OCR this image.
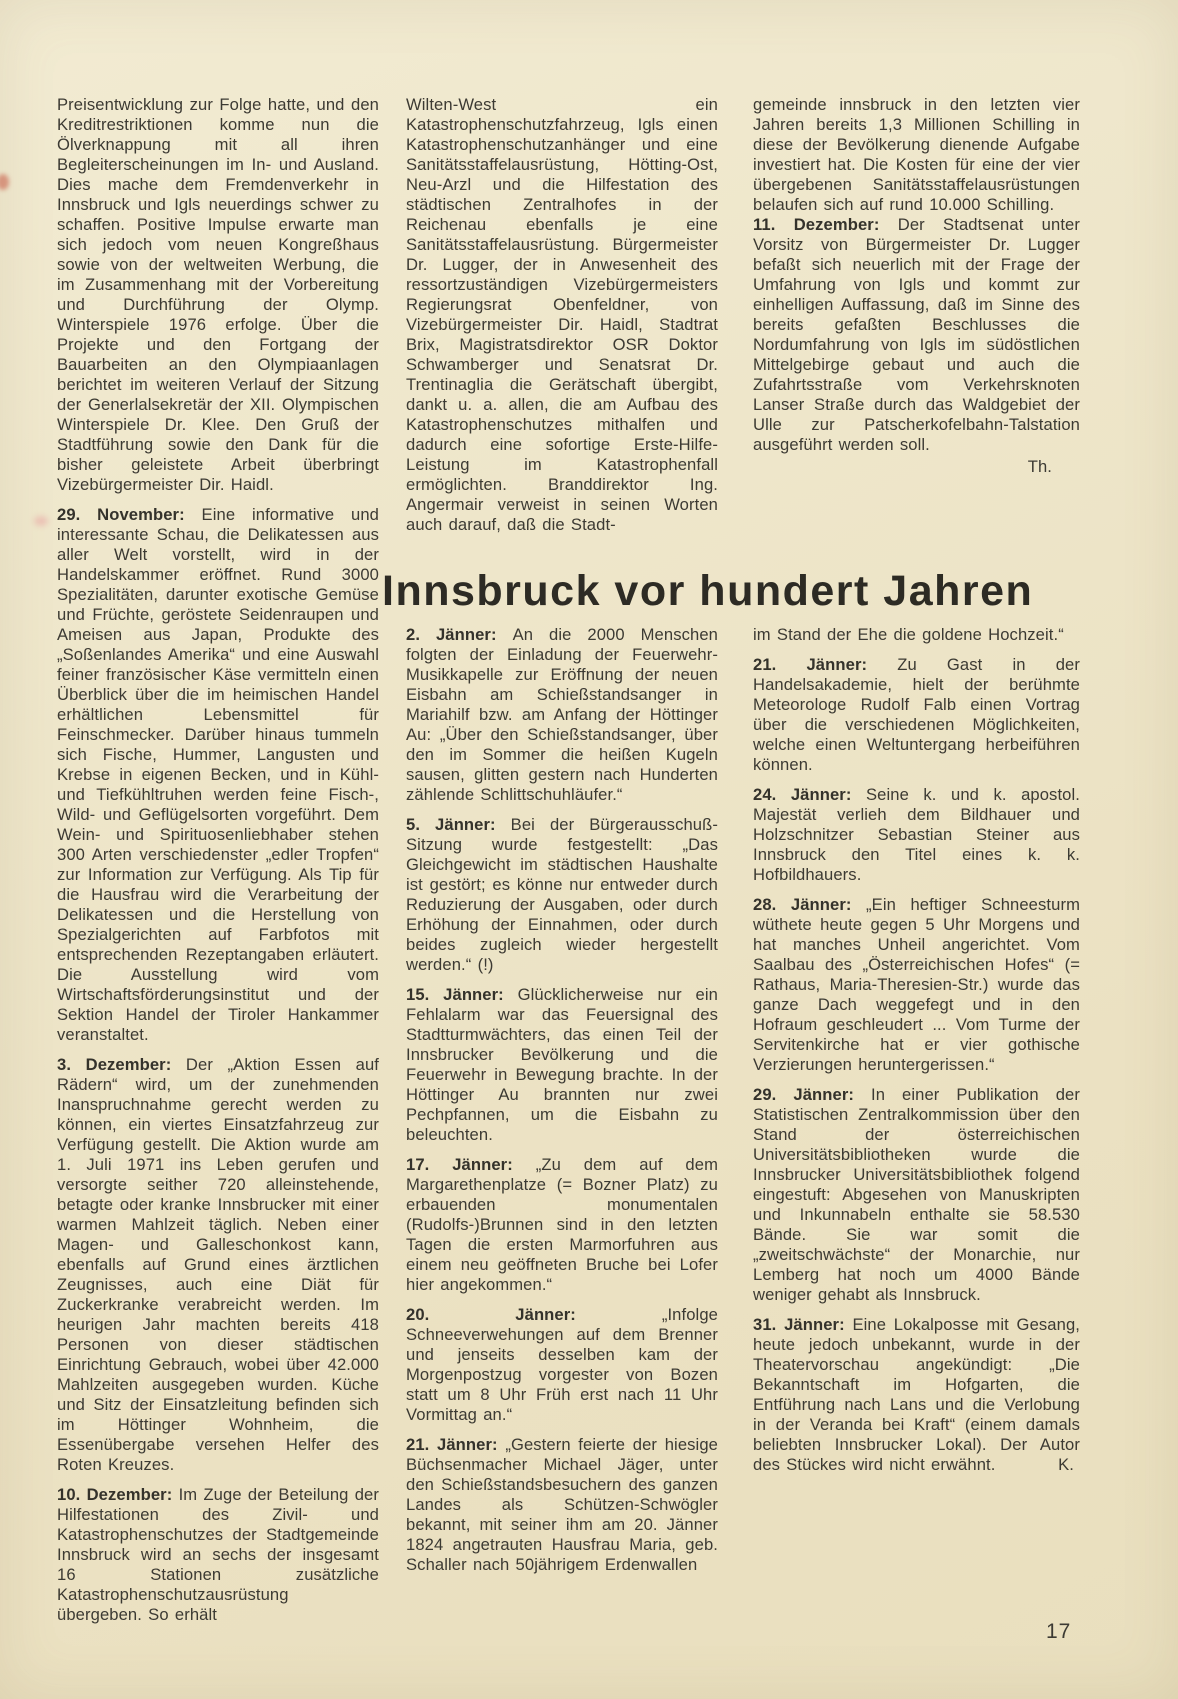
Preisentwicklung zur Folge hatte, und den Kreditrestriktionen komme nun die Ölverknappung mit all ihren Begleiterscheinungen im In- und Ausland. Dies mache dem Fremdenverkehr in Innsbruck und Igls neuerdings schwer zu schaffen. Positive Impulse erwarte man sich jedoch vom neuen Kongreßhaus sowie von der weltweiten Werbung, die im Zusammenhang mit der Vorbereitung und Durchführung der Olymp. Winterspiele 1976 erfolge. Über die Projekte und den Fortgang der Bauarbeiten an den Olympiaanlagen berichtet im weiteren Verlauf der Sitzung der Generlalsekretär der XII. Olympischen Winterspiele Dr. Klee. Den Gruß der Stadtführung sowie den Dank für die bisher geleistete Arbeit überbringt Vizebürgermeister Dir. Haidl.

29. November: Eine informative und interessante Schau, die Delikatessen aus aller Welt vorstellt, wird in der Handelskammer eröffnet. Rund 3000 Spezialitäten, darunter exotische Gemüse und Früchte, geröstete Seidenraupen und Ameisen aus Japan, Produkte des „Soßenlandes Amerika“ und eine Auswahl feiner französischer Käse vermitteln einen Überblick über die im heimischen Handel erhältlichen Lebensmittel für Feinschmecker. Darüber hinaus tummeln sich Fische, Hummer, Langusten und Krebse in eigenen Becken, und in Kühl- und Tiefkühltruhen werden feine Fisch-, Wild- und Geflügelsorten vorgeführt. Dem Wein- und Spirituosenliebhaber stehen 300 Arten verschiedenster „edler Tropfen“ zur Information zur Verfügung. Als Tip für die Hausfrau wird die Verarbeitung der Delikatessen und die Herstellung von Spezialgerichten auf Farbfotos mit entsprechenden Rezeptangaben erläutert. Die Ausstellung wird vom Wirtschaftsförderungsinstitut und der Sektion Handel der Tiroler Hankammer veranstaltet.

3. Dezember: Der „Aktion Essen auf Rädern“ wird, um der zunehmenden Inanspruchnahme gerecht werden zu können, ein viertes Einsatzfahrzeug zur Verfügung gestellt. Die Aktion wurde am 1. Juli 1971 ins Leben gerufen und versorgte seither 720 alleinstehende, betagte oder kranke Innsbrucker mit einer warmen Mahlzeit täglich. Neben einer Magen- und Galleschonkost kann, ebenfalls auf Grund eines ärztlichen Zeugnisses, auch eine Diät für Zuckerkranke verabreicht werden. Im heurigen Jahr machten bereits 418 Personen von dieser städtischen Einrichtung Gebrauch, wobei über 42.000 Mahlzeiten ausgegeben wurden. Küche und Sitz der Einsatzleitung befinden sich im Höttinger Wohnheim, die Essenübergabe versehen Helfer des Roten Kreuzes.

10. Dezember: Im Zuge der Beteilung der Hilfestationen des Zivil- und Katastrophenschutzes der Stadtgemeinde Innsbruck wird an sechs der insgesamt 16 Stationen zusätzliche Katastrophenschutzausrüstung übergeben. So erhält

Wilten-West ein Katastrophenschutzfahrzeug, Igls einen Katastrophenschutzanhänger und eine Sanitätsstaffelausrüstung, Hötting-Ost, Neu-Arzl und die Hilfestation des städtischen Zentralhofes in der Reichenau ebenfalls je eine Sanitätsstaffelausrüstung. Bürgermeister Dr. Lugger, der in Anwesenheit des ressortzuständigen Vizebürgermeisters Regierungsrat Obenfeldner, von Vizebürgermeister Dir. Haidl, Stadtrat Brix, Magistratsdirektor OSR Doktor Schwamberger und Senatsrat Dr. Trentinaglia die Gerätschaft übergibt, dankt u. a. allen, die am Aufbau des Katastrophenschutzes mithalfen und dadurch eine sofortige Erste-Hilfe-Leistung im Katastrophenfall ermöglichten. Branddirektor Ing. Angermair verweist in seinen Worten auch darauf, daß die Stadt-

gemeinde innsbruck in den letzten vier Jahren bereits 1,3 Millionen Schilling in diese der Bevölkerung dienende Aufgabe investiert hat. Die Kosten für eine der vier übergebenen Sanitätsstaffelausrüstungen belaufen sich auf rund 10.000 Schilling.

11. Dezember: Der Stadtsenat unter Vorsitz von Bürgermeister Dr. Lugger befaßt sich neuerlich mit der Frage der Umfahrung von Igls und kommt zur einhelligen Auffassung, daß im Sinne des bereits gefaßten Beschlusses die Nordumfahrung von Igls im südöstlichen Mittelgebirge gebaut und auch die Zufahrtsstraße vom Verkehrsknoten Lanser Straße durch das Waldgebiet der Ulle zur Patscherkofelbahn-Talstation ausgeführt werden soll.

Th.
Innsbruck vor hundert Jahren

2. Jänner: An die 2000 Menschen folgten der Einladung der Feuerwehr-Musikkapelle zur Eröffnung der neuen Eisbahn am Schießstandsanger in Mariahilf bzw. am Anfang der Höttinger Au: „Über den Schießstandsanger, über den im Sommer die heißen Kugeln sausen, glitten gestern nach Hunderten zählende Schlittschuhläufer.“

5. Jänner: Bei der Bürgerausschuß-Sitzung wurde festgestellt: „Das Gleichgewicht im städtischen Haushalte ist gestört; es könne nur entweder durch Reduzierung der Ausgaben, oder durch Erhöhung der Einnahmen, oder durch beides zugleich wieder hergestellt werden.“ (!)

15. Jänner: Glücklicherweise nur ein Fehlalarm war das Feuersignal des Stadtturmwächters, das einen Teil der Innsbrucker Bevölkerung und die Feuerwehr in Bewegung brachte. In der Höttinger Au brannten nur zwei Pechpfannen, um die Eisbahn zu beleuchten.

17. Jänner: „Zu dem auf dem Margarethenplatze (= Bozner Platz) zu erbauenden monumentalen (Rudolfs-)Brunnen sind in den letzten Tagen die ersten Marmorfuhren aus einem neu geöffneten Bruche bei Lofer hier angekommen.“

20. Jänner: „Infolge Schneeverwehungen auf dem Brenner und jenseits desselben kam der Morgenpostzug vorgester von Bozen statt um 8 Uhr Früh erst nach 11 Uhr Vormittag an.“

21. Jänner: „Gestern feierte der hiesige Büchsenmacher Michael Jäger, unter den Schießstandsbesuchern des ganzen Landes als Schützen-Schwögler bekannt, mit seiner ihm am 20. Jänner 1824 angetrauten Hausfrau Maria, geb. Schaller nach 50jährigem Erdenwallen

im Stand der Ehe die goldene Hochzeit.“

21. Jänner: Zu Gast in der Handelsakademie, hielt der berühmte Meteorologe Rudolf Falb einen Vortrag über die verschiedenen Möglichkeiten, welche einen Weltuntergang herbeiführen können.

24. Jänner: Seine k. und k. apostol. Majestät verlieh dem Bildhauer und Holzschnitzer Sebastian Steiner aus Innsbruck den Titel eines k. k. Hofbildhauers.

28. Jänner: „Ein heftiger Schneesturm wüthete heute gegen 5 Uhr Morgens und hat manches Unheil angerichtet. Vom Saalbau des „Österreichischen Hofes“ (= Rathaus, Maria-Theresien-Str.) wurde das ganze Dach weggefegt und in den Hofraum geschleudert ... Vom Turme der Servitenkirche hat er vier gothische Verzierungen heruntergerissen.“

29. Jänner: In einer Publikation der Statistischen Zentralkommission über den Stand der österreichischen Universitätsbibliotheken wurde die Innsbrucker Universitätsbibliothek folgend eingestuft: Abgesehen von Manuskripten und Inkunnabeln enthalte sie 58.530 Bände. Sie war somit die „zweitschwächste“ der Monarchie, nur Lemberg hat noch um 4000 Bände weniger gehabt als Innsbruck.

31. Jänner: Eine Lokalposse mit Gesang, heute jedoch unbekannt, wurde in der Theatervorschau angekündigt: „Die Bekanntschaft im Hofgarten, die Entführung nach Lans und die Verlobung in der Veranda bei Kraft“ (einem damals beliebten Innsbrucker Lokal). Der Autor des Stückes wird nicht erwähnt.	K.

17
